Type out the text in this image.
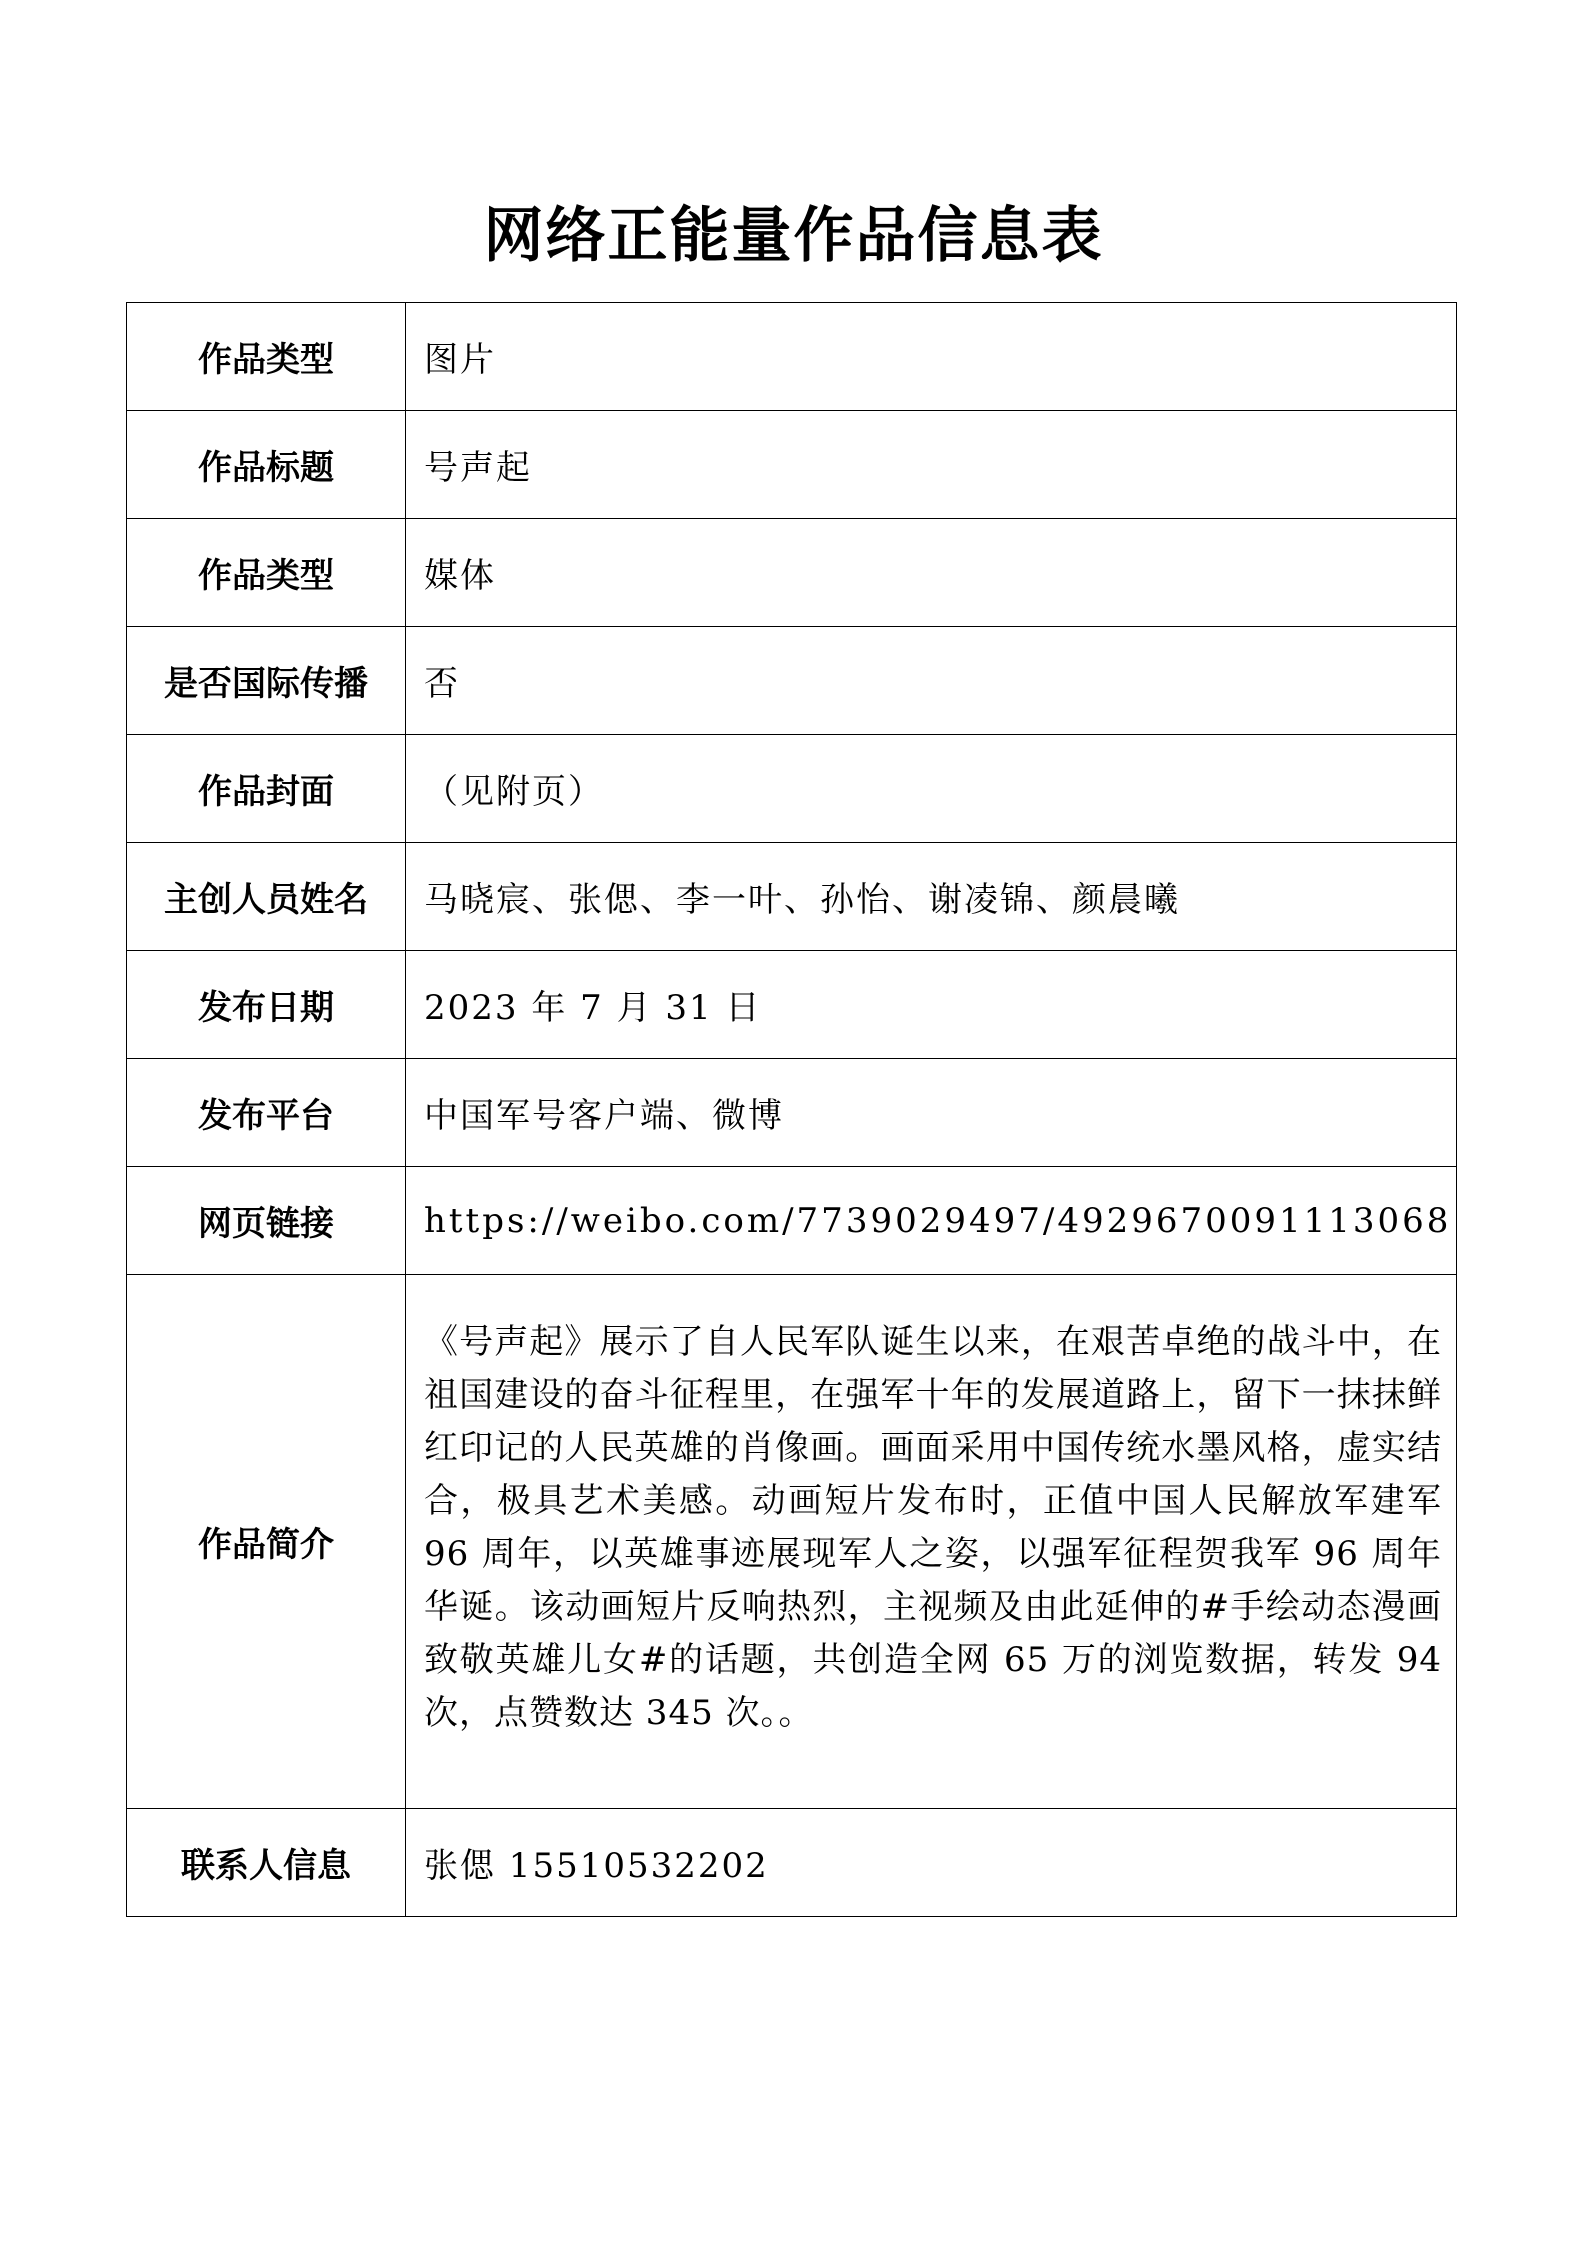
网络正能量作品信息表
作品类型	图片
作品标题	号声起
作品类型	媒体
是否国际传播	否
作品封面	（见附页）
主创人员姓名	马晓宸、张偲、李一叶、孙怡、谢凌锦、颜晨曦
发布日期	2023 年 7 月 31 日
发布平台	中国军号客户端、微博
网页链接	https://weibo.com/7739029497/4929670091113068
作品简介	《号声起》展示了自人民军队诞生以来，在艰苦卓绝的战斗中，在祖国建设的奋斗征程里，在强军十年的发展道路上，留下一抹抹鲜红印记的人民英雄的肖像画。画面采用中国传统水墨风格，虚实结合，极具艺术美感。动画短片发布时，正值中国人民解放军建军 96 周年，以英雄事迹展现军人之姿，以强军征程贺我军 96 周年华诞。该动画短片反响热烈，主视频及由此延伸的#手绘动态漫画致敬英雄儿女#的话题，共创造全网 65 万的浏览数据，转发 94 次，点赞数达 345 次。。
联系人信息	张偲 15510532202
